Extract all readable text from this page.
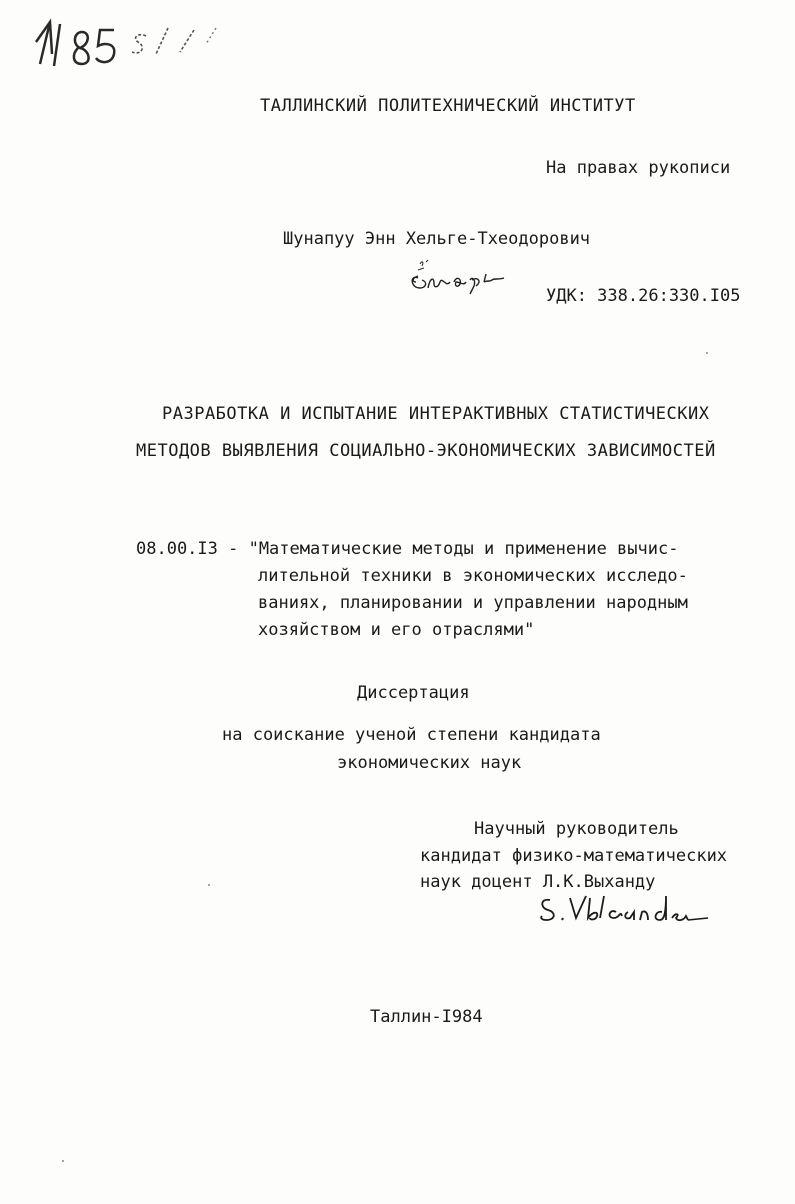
ТАЛЛИНСКИЙ ПОЛИТЕХНИЧЕСКИЙ ИНСТИТУТ
На правах рукописи
Шунапуу Энн Хельге-Тхеодорович
УДК: 338.26:330.I05
РАЗРАБОТКА И ИСПЫТАНИЕ ИНТЕРАКТИВНЫХ СТАТИСТИЧЕСКИХ
МЕТОДОВ ВЫЯВЛЕНИЯ СОЦИАЛЬНО-ЭКОНОМИЧЕСКИХ ЗАВИСИМОСТЕЙ
08.00.I3 - "Математические методы и применение вычис-
лительной техники в экономических исследо-
ваниях, планировании и управлении народным
хозяйством и его отраслями"
Диссертация
на соискание ученой степени кандидата
экономических наук
Научный руководитель
кандидат физико-математических
наук доцент Л.К.Выханду
Таллин-I984
